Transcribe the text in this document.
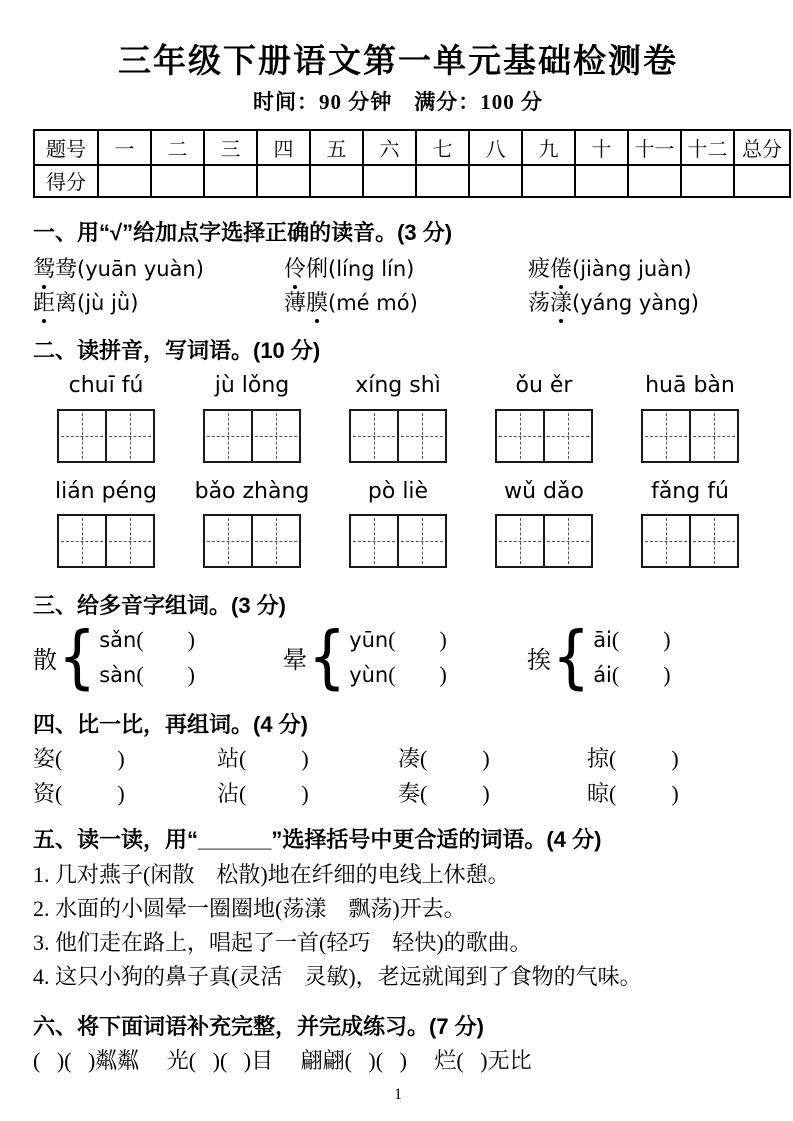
三年级下册语文第一单元基础检测卷
时间：90 分钟　满分：100 分
题号	一	二	三	四	五	六	七	八	九	十	十一	十二	总分
得分													
一、用“√”给加点字选择正确的读音。(3 分)
鸳鸯(yuān yuàn)	伶俐(líng lín)	疲倦(jiàng juàn)
距离(jù jǜ)	薄膜(mé mó)	荡漾(yáng yàng)
二、读拼音，写词语。(10 分)
chuī fú	jù lǒng	xíng shì	ǒu ěr	huā bàn
lián péng	bǎo zhàng	pò liè	wǔ dǎo	fǎng fú
三、给多音字组词。(3 分)
散 { sǎn(        )
sàn(        )
晕 { yūn(        )
yùn(        )
挨 { āi(        )
ái(        )
四、比一比，再组词。(4 分)
姿(          )	站(          )	凑(          )	掠(          )
资(          )	沾(          )	奏(          )	晾(          )
五、读一读，用“______”选择括号中更合适的词语。(4 分)
1. 几对燕子(闲散　松散)地在纤细的电线上休憩。
2. 水面的小圆晕一圈圈地(荡漾　飘荡)开去。
3. 他们走在路上，唱起了一首(轻巧　轻快)的歌曲。
4. 这只小狗的鼻子真(灵活　灵敏)，老远就闻到了食物的气味。
六、将下面词语补充完整，并完成练习。(7 分)
(   )(   )粼粼     光(   )(   )目     翩翩(   )(   )     烂(   )无比
1
